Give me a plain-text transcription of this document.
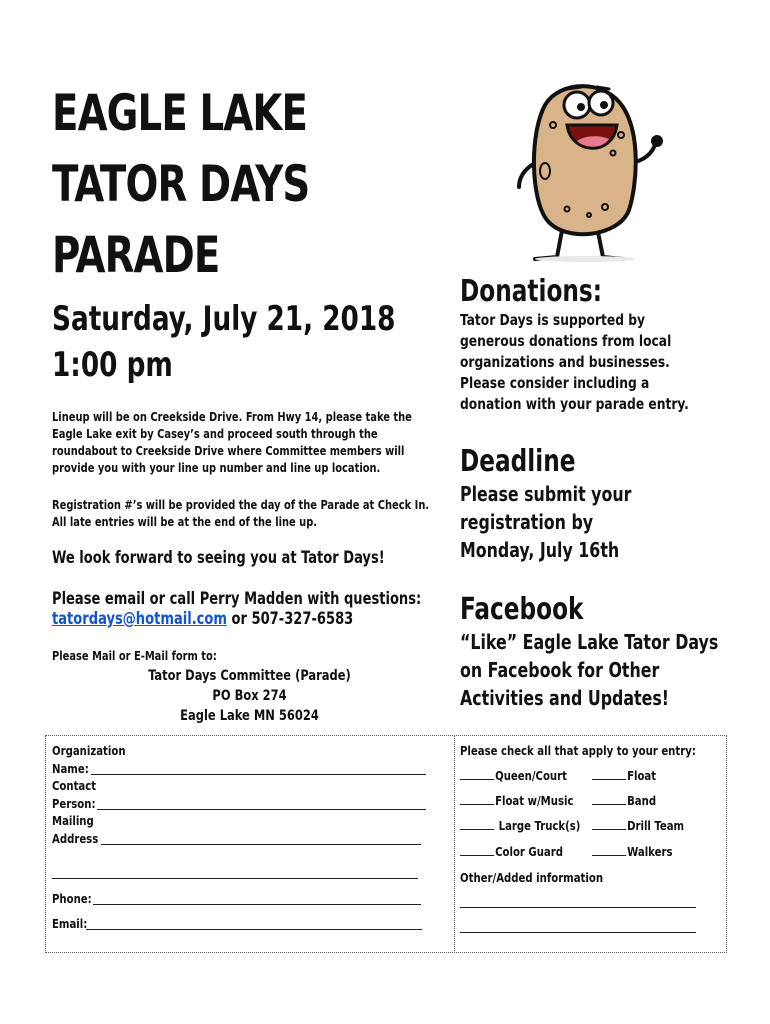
EAGLE LAKE
TATOR DAYS
PARADE
Saturday, July 21, 2018
1:00 pm
Lineup will be on Creekside Drive. From Hwy 14, please take the Eagle Lake exit by Casey’s and proceed south through the roundabout to Creekside Drive where Committee members will provide you with your line up number and line up location.
Registration #’s will be provided the day of the Parade at Check In. All late entries will be at the end of the line up.
We look forward to seeing you at Tator Days!
Please email or call Perry Madden with questions:
tatordays@hotmail.com or 507-327-6583
Please Mail or E-Mail form to:
Tator Days Committee (Parade)
PO Box 274
Eagle Lake MN 56024
Donations:
Tator Days is supported by generous donations from local organizations and businesses. Please consider including a donation with your parade entry.
Deadline
Please submit your
registration by
Monday, July 16th
Facebook
“Like” Eagle Lake Tator Days
on Facebook for Other
Activities and Updates!
Organization
Name:
Contact
Person:
Mailing
Address
Phone:
Email:
Please check all that apply to your entry:
Queen/Court	Float
Float w/Music	Band
Large Truck(s)	Drill Team
Color Guard	Walkers
Other/Added information
